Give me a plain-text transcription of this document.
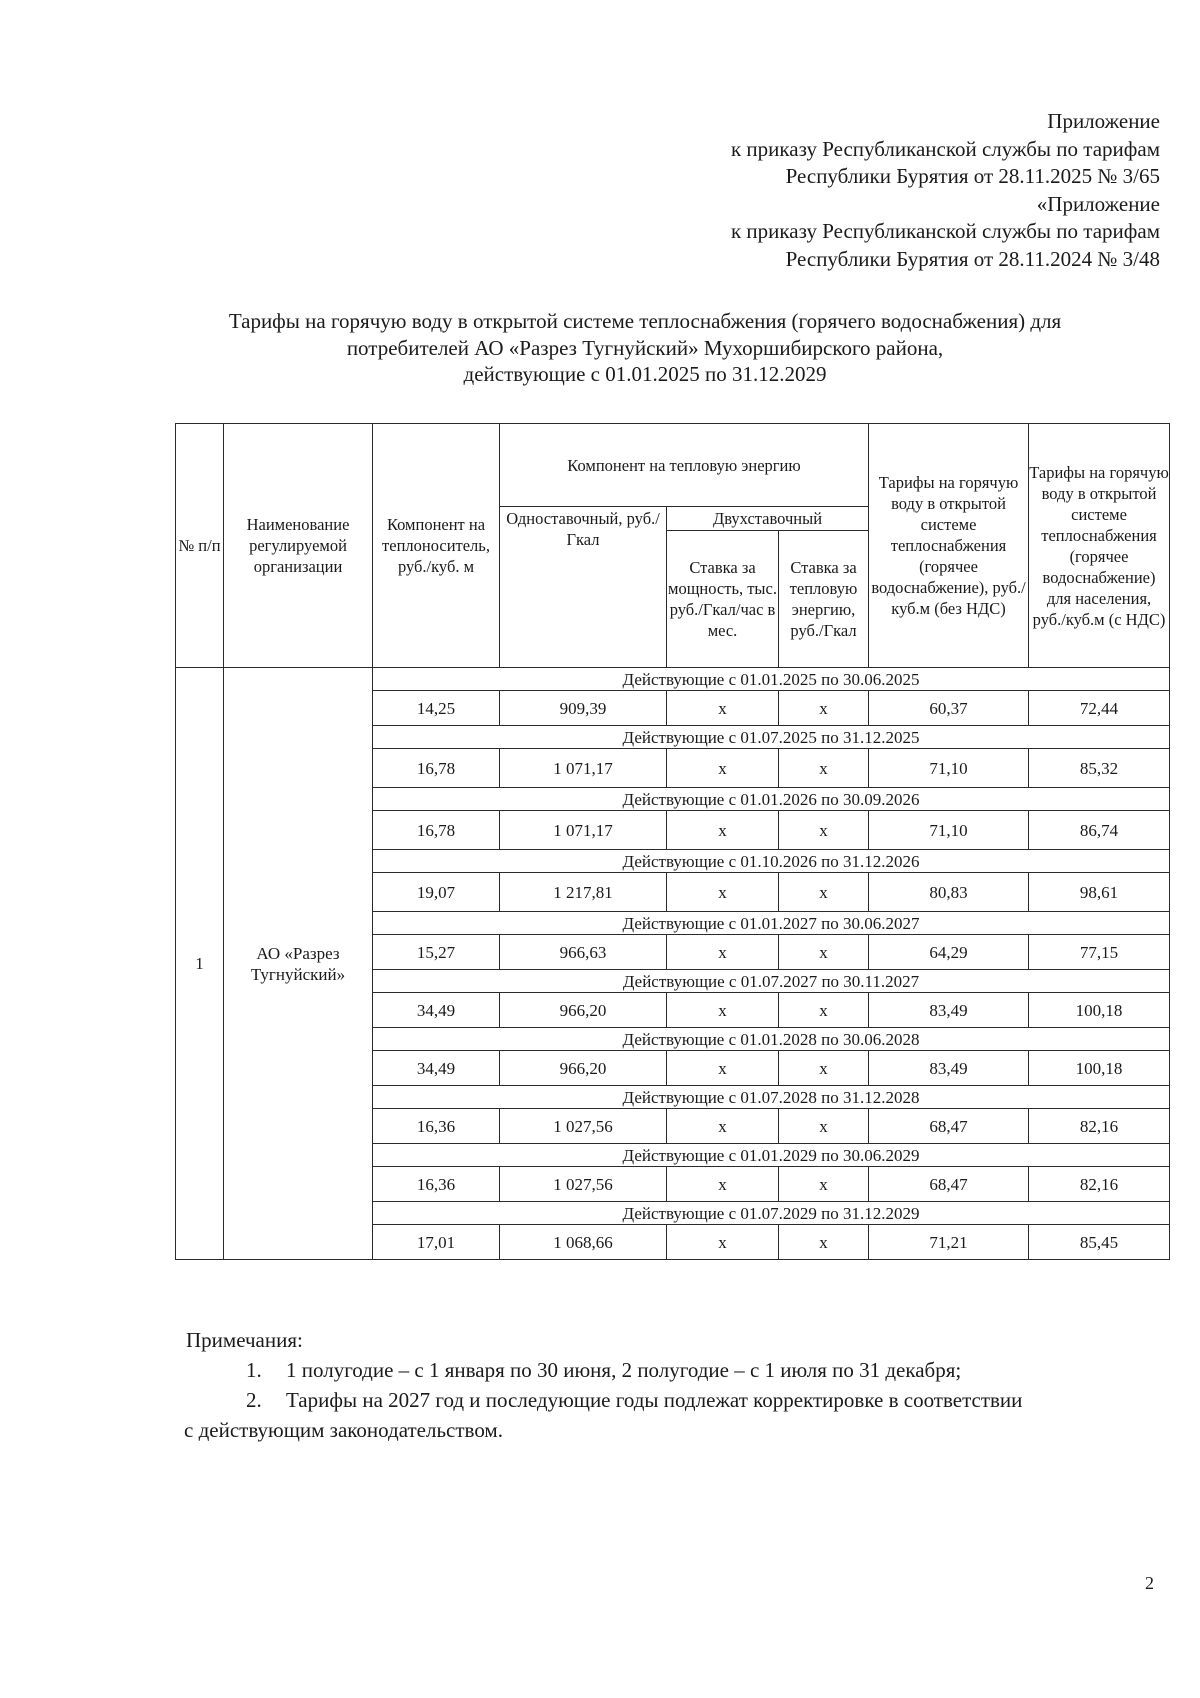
Приложение
к приказу Республиканской службы по тарифам
Республики Бурятия от 28.11.2025 № 3/65
«Приложение
к приказу Республиканской службы по тарифам
Республики Бурятия от 28.11.2024 № 3/48
Тарифы на горячую воду в открытой системе теплоснабжения (горячего водоснабжения) для
потребителей АО «Разрез Тугнуйский» Мухоршибирского района,
действующие с 01.01.2025 по 31.12.2029
№ п/п	Наименование регулируемой организации	Компонент на теплоноситель, руб./куб. м	Компонент на тепловую энергию			Тарифы на горячую воду в открытой системе теплоснабжения (горячее водоснабжение), руб./куб.м (без НДС)	Тарифы на горячую воду в открытой системе теплоснабжения (горячее водоснабжение) для населения, руб./куб.м (с НДС)
			Одноставочный, руб./Гкал	Двухставочный			
				Ставка за мощность, тыс. руб./Гкал/час в мес.	Ставка за тепловую энергию, руб./Гкал		
1	АО «Разрез Тугнуйский»	Действующие с 01.01.2025 по 30.06.2025					
		14,25	909,39	х	х	60,37	72,44
		Действующие с 01.07.2025 по 31.12.2025					
		16,78	1 071,17	х	х	71,10	85,32
		Действующие с 01.01.2026 по 30.09.2026					
		16,78	1 071,17	х	х	71,10	86,74
		Действующие с 01.10.2026 по 31.12.2026					
		19,07	1 217,81	х	х	80,83	98,61
		Действующие с 01.01.2027 по 30.06.2027					
		15,27	966,63	х	х	64,29	77,15
		Действующие с 01.07.2027 по 30.11.2027					
		34,49	966,20	х	х	83,49	100,18
		Действующие с 01.01.2028 по 30.06.2028					
		34,49	966,20	х	х	83,49	100,18
		Действующие с 01.07.2028 по 31.12.2028					
		16,36	1 027,56	х	х	68,47	82,16
		Действующие с 01.01.2029 по 30.06.2029					
		16,36	1 027,56	х	х	68,47	82,16
		Действующие с 01.07.2029 по 31.12.2029					
		17,01	1 068,66	х	х	71,21	85,45
Примечания:
1. 1 полугодие – с 1 января по 30 июня, 2 полугодие – с 1 июля по 31 декабря;
2. Тарифы на 2027 год и последующие годы подлежат корректировке в соответствии
с действующим законодательством.
2
